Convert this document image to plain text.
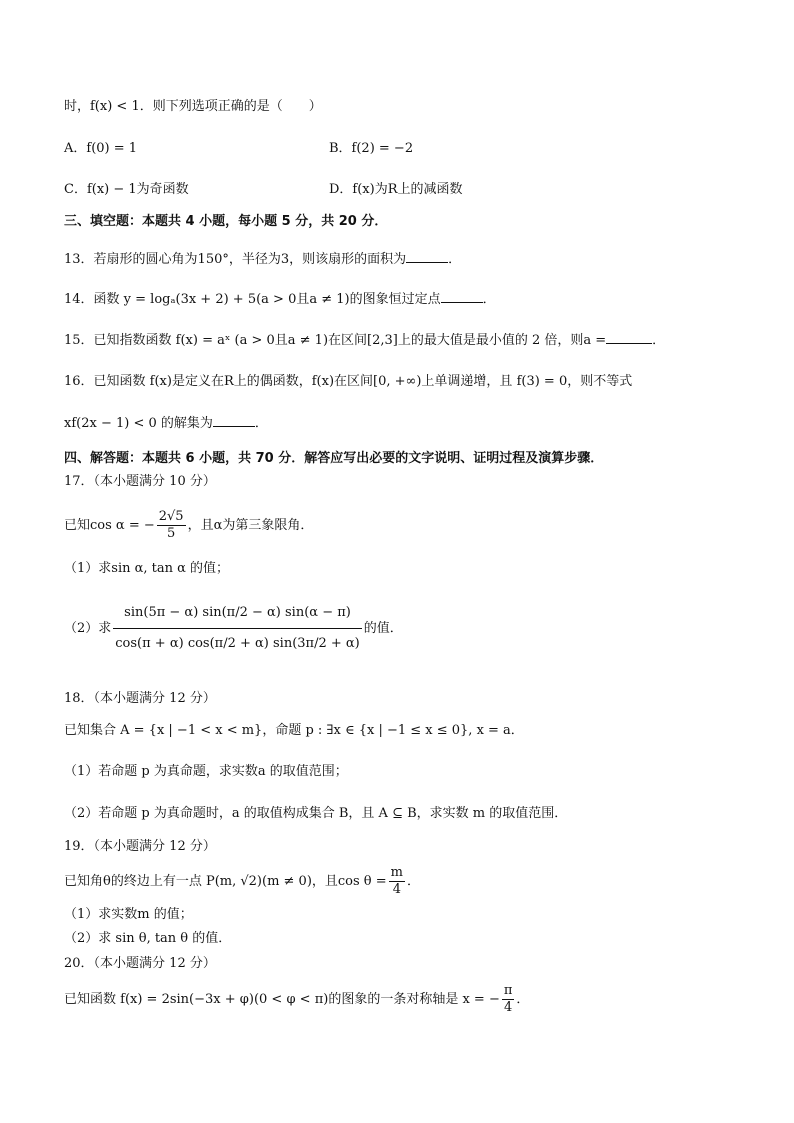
时，f(x) < 1．则下列选项正确的是（　　）
A．f(0) = 1	B．f(2) = −2
C．f(x) − 1为奇函数	D．f(x)为R上的减函数
三、填空题：本题共 4 小题，每小题 5 分，共 20 分．
13．若扇形的圆心角为150°，半径为3，则该扇形的面积为	．
14．函数 y = logₐ(3x + 2) + 5(a > 0且a ≠ 1)的图象恒过定点	．
15．已知指数函数 f(x) = aˣ (a > 0且a ≠ 1)在区间[2,3]上的最大值是最小值的 2 倍，则a =	．
16．已知函数 f(x)是定义在R上的偶函数，f(x)在区间[0, +∞)上单调递增，且 f(3) = 0，则不等式
xf(2x − 1) < 0 的解集为	．
四、解答题：本题共 6 小题，共 70 分．解答应写出必要的文字说明、证明过程及演算步骤．
17．（本小题满分 10 分）
已知cos α = − $\frac{2√5}{5}$ ，且α为第三象限角．
（1）求sin α, tan α 的值；
（2）求 $\frac{\sin(5\pi - \alpha) \sin(\pi/2 - \alpha) \sin(\alpha - \pi)}{\cos(\pi + \alpha) \cos(\pi/2 + \alpha) \sin(3\pi/2 + \alpha)}$ 的值．
18．（本小题满分 12 分）
已知集合 A = {x | −1 < x < m}，命题 p : ∃x ∈ {x | −1 ≤ x ≤ 0}, x = a．
（1）若命题 p 为真命题，求实数a 的取值范围；
（2）若命题 p 为真命题时，a 的取值构成集合 B，且 A ⊆ B，求实数 m 的取值范围．
19．（本小题满分 12 分）
已知角θ的终边上有一点 P(m, √2)(m ≠ 0)，且$\cos \theta = \frac{m}{4}$ ．
（1）求实数m 的值；
（2）求 sin θ, tan θ 的值．
20．（本小题满分 12 分）
已知函数 f(x) = 2sin(−3x + φ)(0 < φ < π)的图象的一条对称轴是 x = − $\frac{\pi}{4}$ ．
